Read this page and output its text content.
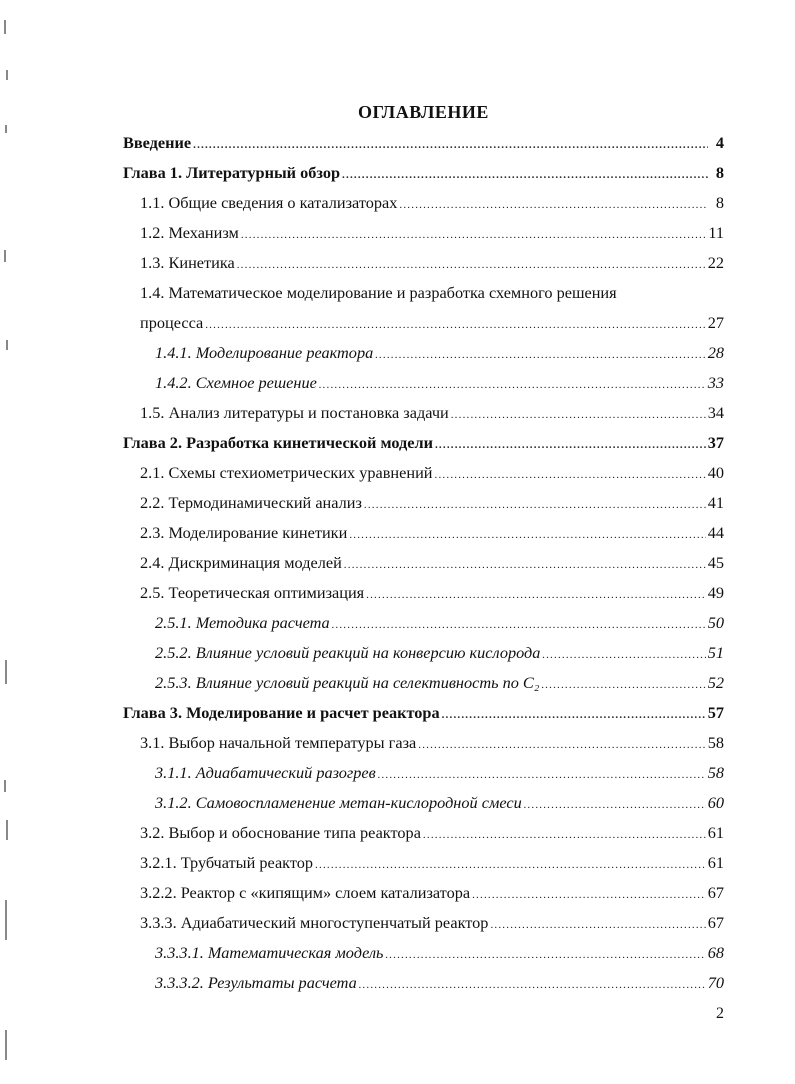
ОГЛАВЛЕНИЕ
Введение .....	4
Глава 1. Литературный обзор .....	8
1.1. Общие сведения о катализаторах .....	8
1.2. Механизм .....	11
1.3. Кинетика .....	22
1.4. Математическое моделирование и разработка схемного решения
процесса .....	27
1.4.1. Моделирование реактора .....	28
1.4.2. Схемное решение .....	33
1.5. Анализ литературы и постановка задачи .....	34
Глава 2. Разработка кинетической модели .....	37
2.1. Схемы стехиометрических уравнений .....	40
2.2. Термодинамический анализ .....	41
2.3. Моделирование кинетики .....	44
2.4. Дискриминация моделей .....	45
2.5. Теоретическая оптимизация .....	49
2.5.1. Методика расчета .....	50
2.5.2. Влияние условий реакций на конверсию кислорода .....	51
2.5.3. Влияние условий реакций на селективность по C₂ .....	52
Глава 3. Моделирование и расчет реактора .....	57
3.1. Выбор начальной температуры газа .....	58
3.1.1. Адиабатический разогрев .....	58
3.1.2. Самовоспламенение метан-кислородной смеси .....	60
3.2. Выбор и обоснование типа реактора .....	61
3.2.1. Трубчатый реактор .....	61
3.2.2. Реактор с «кипящим» слоем катализатора .....	67
3.3.3. Адиабатический многоступенчатый реактор .....	67
3.3.3.1. Математическая модель .....	68
3.3.3.2. Результаты расчета .....	70
2
